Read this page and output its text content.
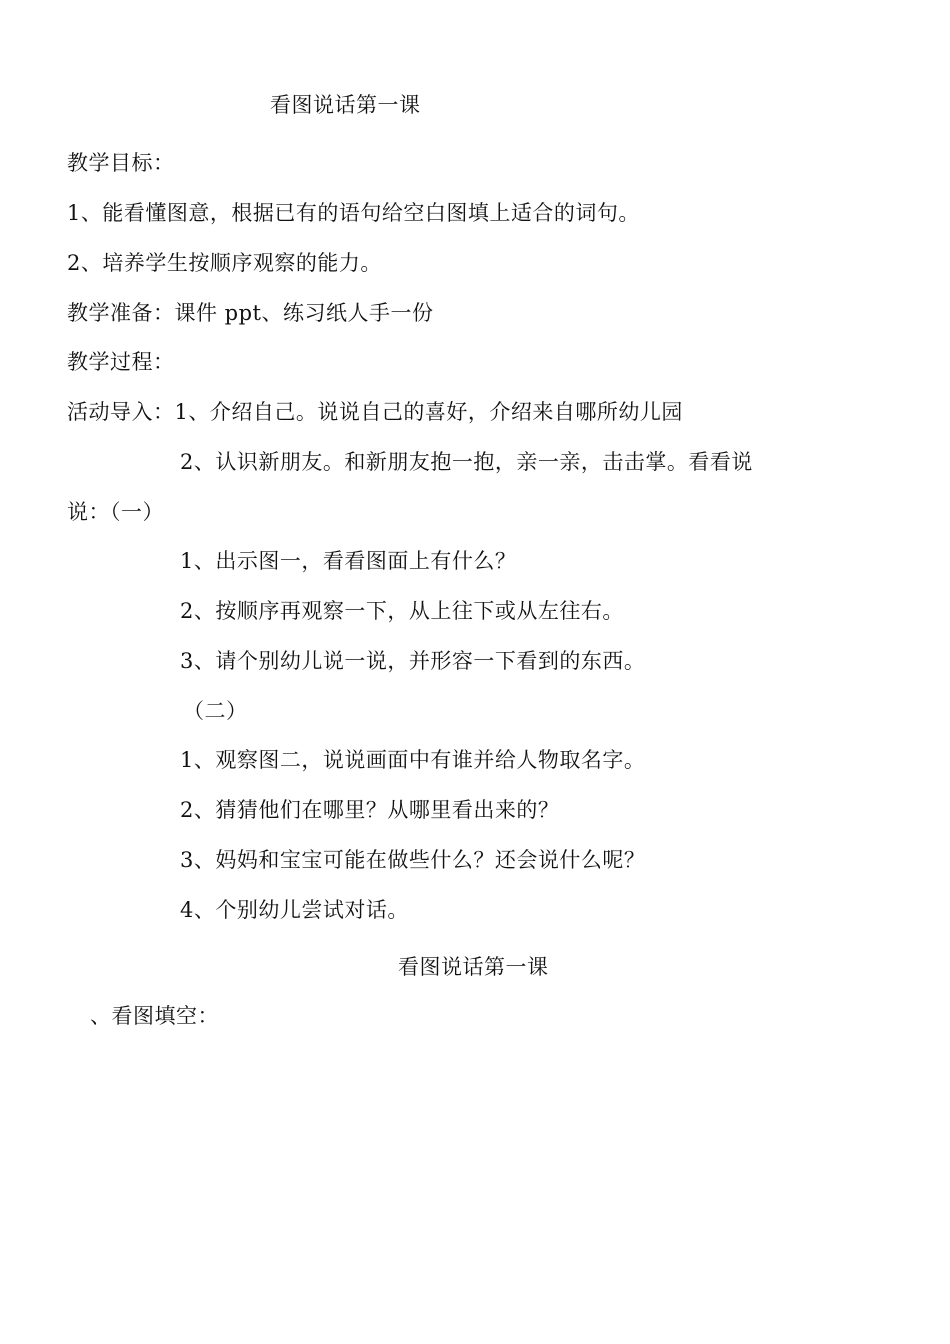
看图说话第一课
教学目标：
1、能看懂图意，根据已有的语句给空白图填上适合的词句。
2、培养学生按顺序观察的能力。
教学准备：课件 ppt、练习纸人手一份
教学过程：
活动导入：1、介绍自己。说说自己的喜好，介绍来自哪所幼儿园
2、认识新朋友。和新朋友抱一抱，亲一亲，击击掌。看看说
说：（一）
1、出示图一，看看图面上有什么？
2、按顺序再观察一下，从上往下或从左往右。
3、请个别幼儿说一说，并形容一下看到的东西。
（二）
1、观察图二，说说画面中有谁并给人物取名字。
2、猜猜他们在哪里？从哪里看出来的？
3、妈妈和宝宝可能在做些什么？还会说什么呢？
4、个别幼儿尝试对话。
看图说话第一课
、看图填空：
